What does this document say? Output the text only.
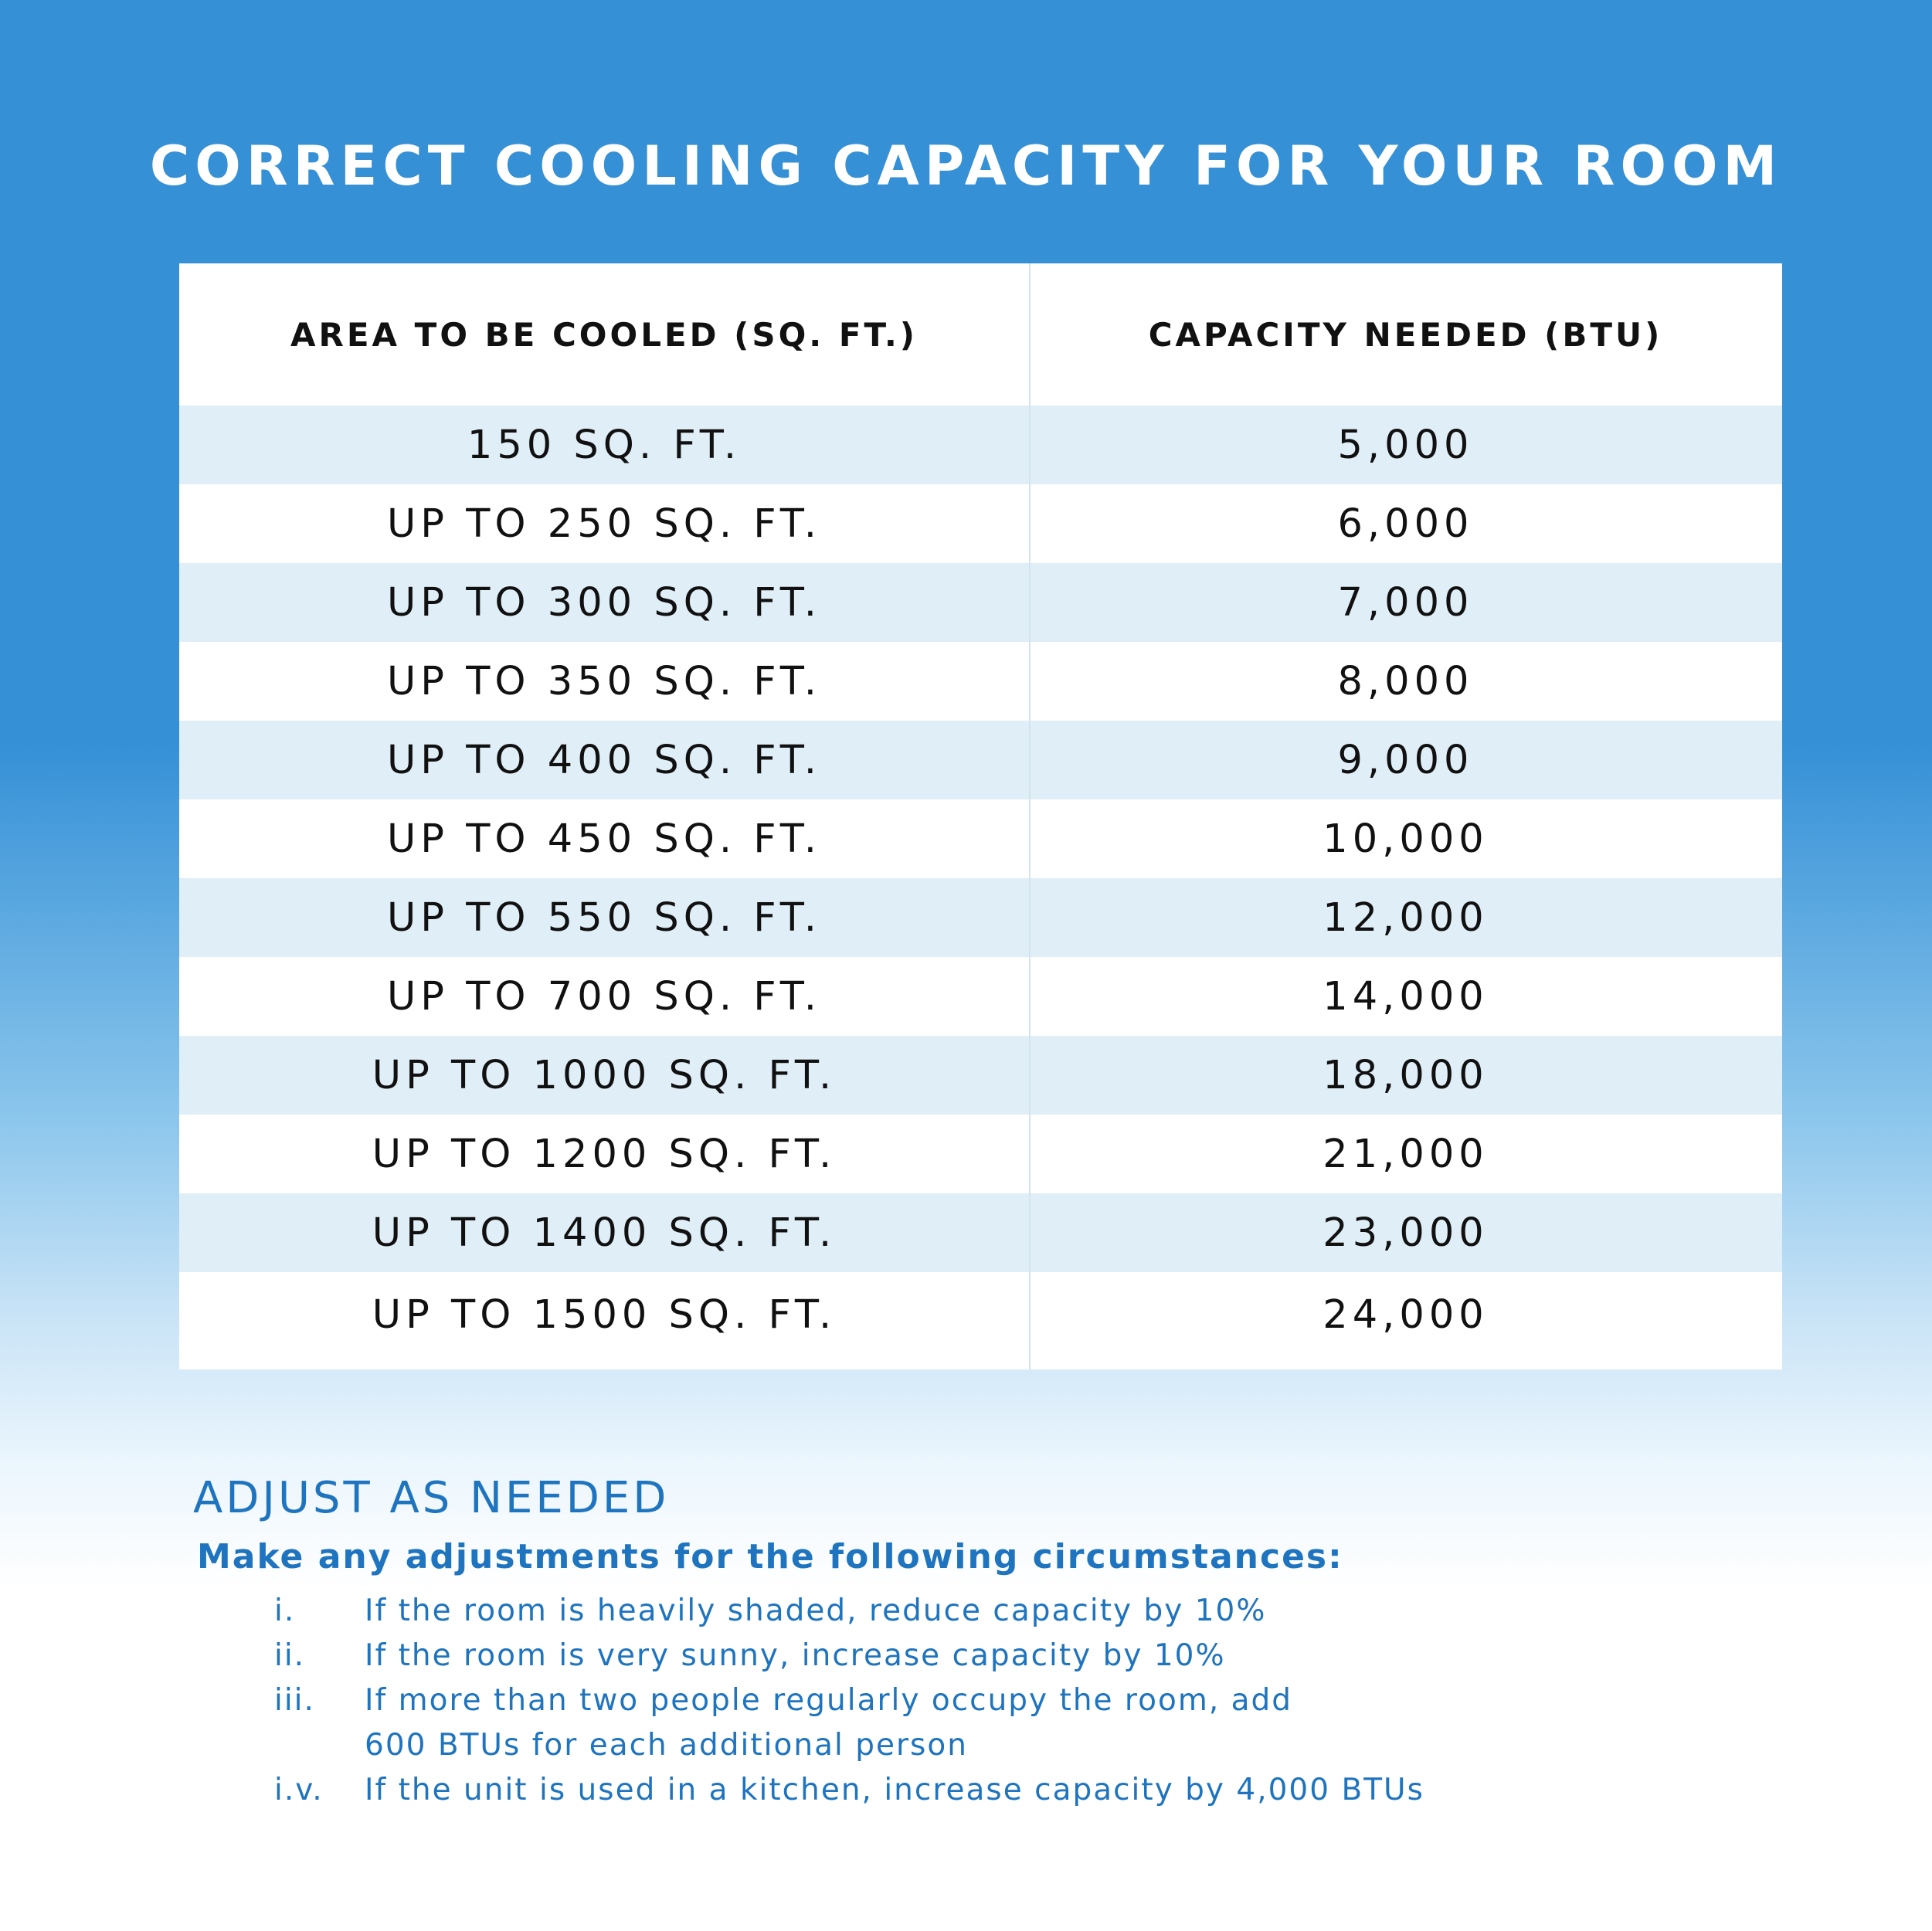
CORRECT COOLING CAPACITY FOR YOUR ROOM
AREA TO BE COOLED (SQ. FT.)	CAPACITY NEEDED (BTU)
150 SQ. FT.	5,000
UP TO 250 SQ. FT.	6,000
UP TO 300 SQ. FT.	7,000
UP TO 350 SQ. FT.	8,000
UP TO 400 SQ. FT.	9,000
UP TO 450 SQ. FT.	10,000
UP TO 550 SQ. FT.	12,000
UP TO 700 SQ. FT.	14,000
UP TO 1000 SQ. FT.	18,000
UP TO 1200 SQ. FT.	21,000
UP TO 1400 SQ. FT.	23,000
UP TO 1500 SQ. FT.	24,000
ADJUST AS NEEDED
Make any adjustments for the following circumstances:
i. If the room is heavily shaded, reduce capacity by 10%
ii. If the room is very sunny, increase capacity by 10%
iii. If more than two people regularly occupy the room, add
600 BTUs for each additional person
i.v. If the unit is used in a kitchen, increase capacity by 4,000 BTUs
